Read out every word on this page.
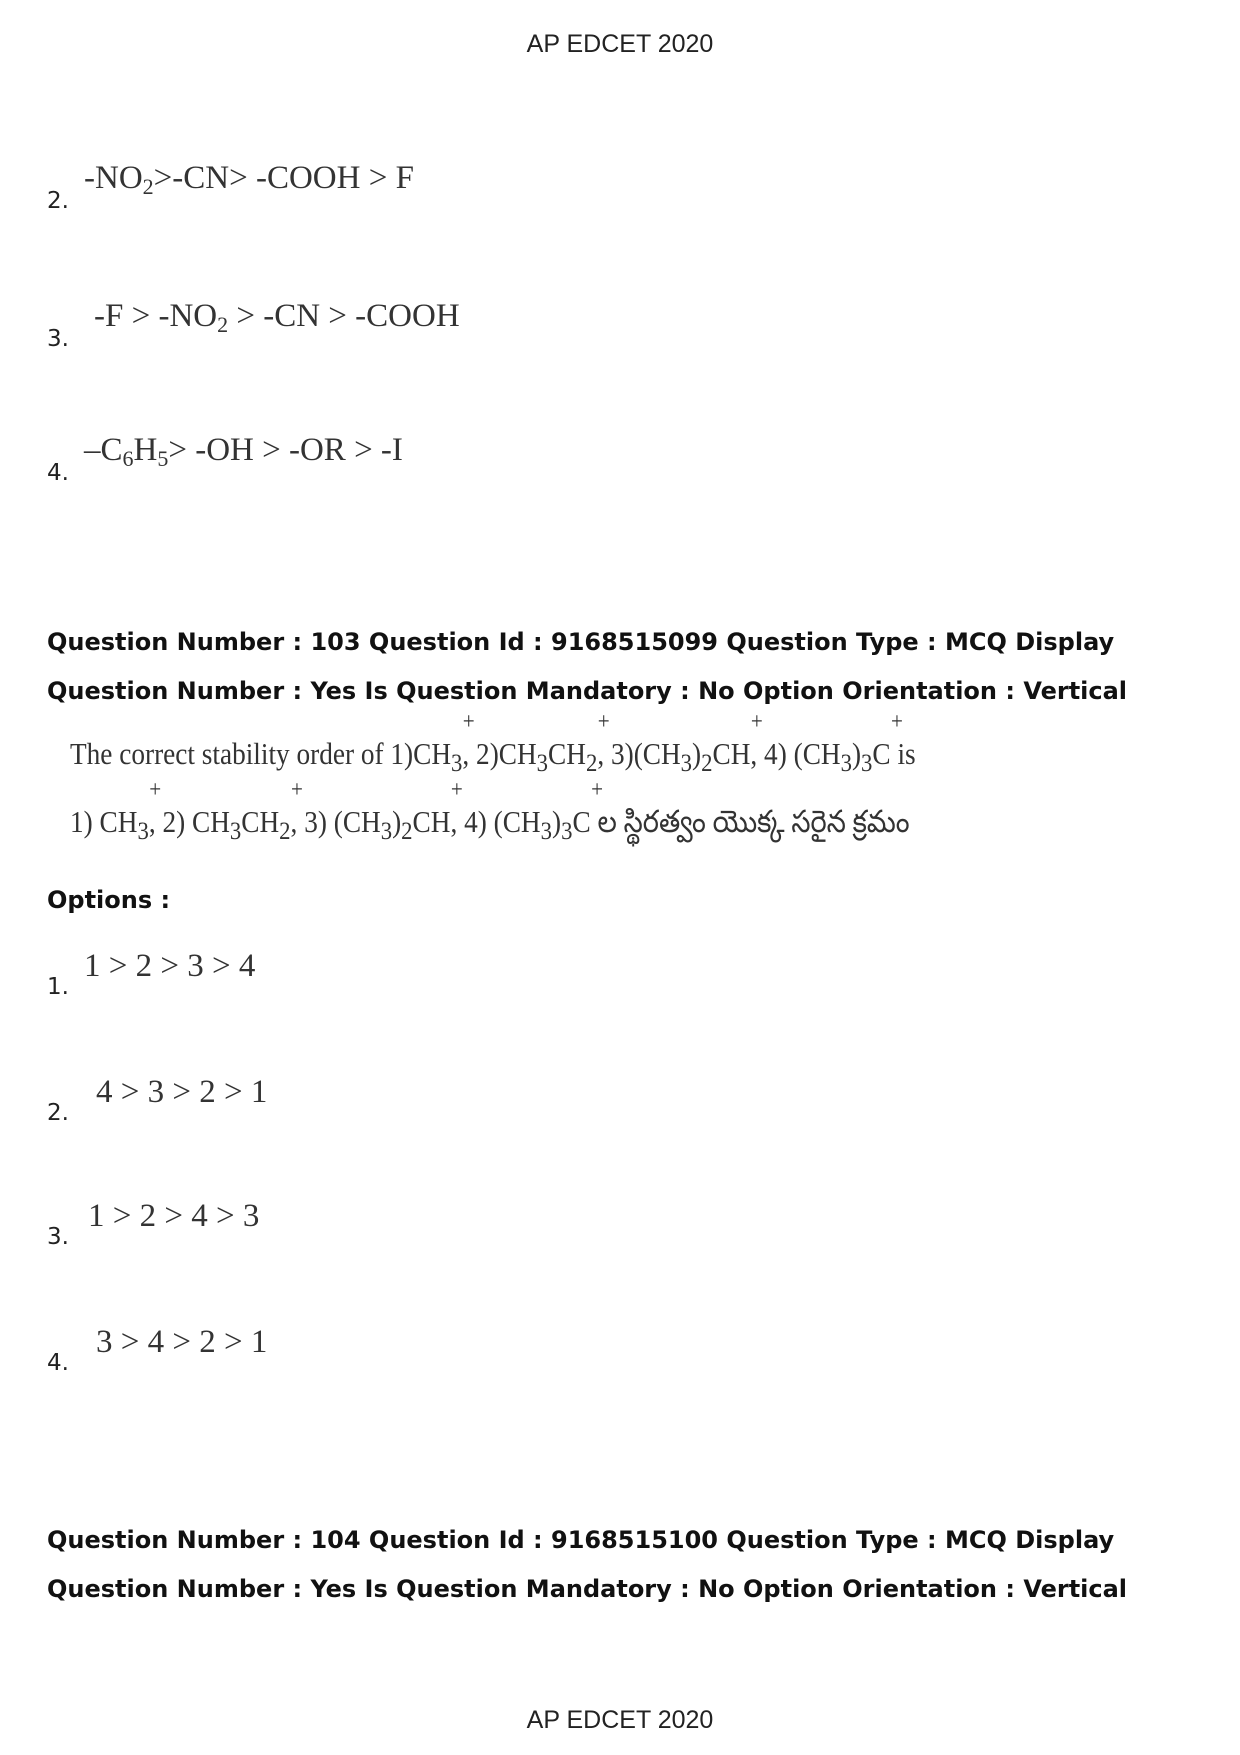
AP EDCET 2020
2.
$-NO_2>-CN>$ -COOH > F
3.
$-F > -NO_2 > -CN$ > -COOH
4.
$-C_6H_5> -OH > -OR > -I$
Question Number : 103 Question Id : 9168515099 Question Type : MCQ Display Question Number : Yes Is Question Mandatory : No Option Orientation : Vertical
The correct stability order of $1)CH_3$
+
, $2)CH_3CH_2$
+
, $3)(CH_3)_2CH$
+
, 4) $(CH_3)_3C$
+
is
1) $CH_3$
+
, 2) $CH_3CH_2$
+
, 3) $(CH_3)_2CH$
+
, 4) $(CH_3)_3C$
+
ల స్థిరత్వం యొక్క సరైన క్రమం
Options :
1.
1 > 2 > 3 > 4
2.
4 > 3 > 2 > 1
3.
1 > 2 > 4 > 3
4.
3 > 4 > 2 > 1
Question Number : 104 Question Id : 9168515100 Question Type : MCQ Display Question Number : Yes Is Question Mandatory : No Option Orientation : Vertical
AP EDCET 2020
